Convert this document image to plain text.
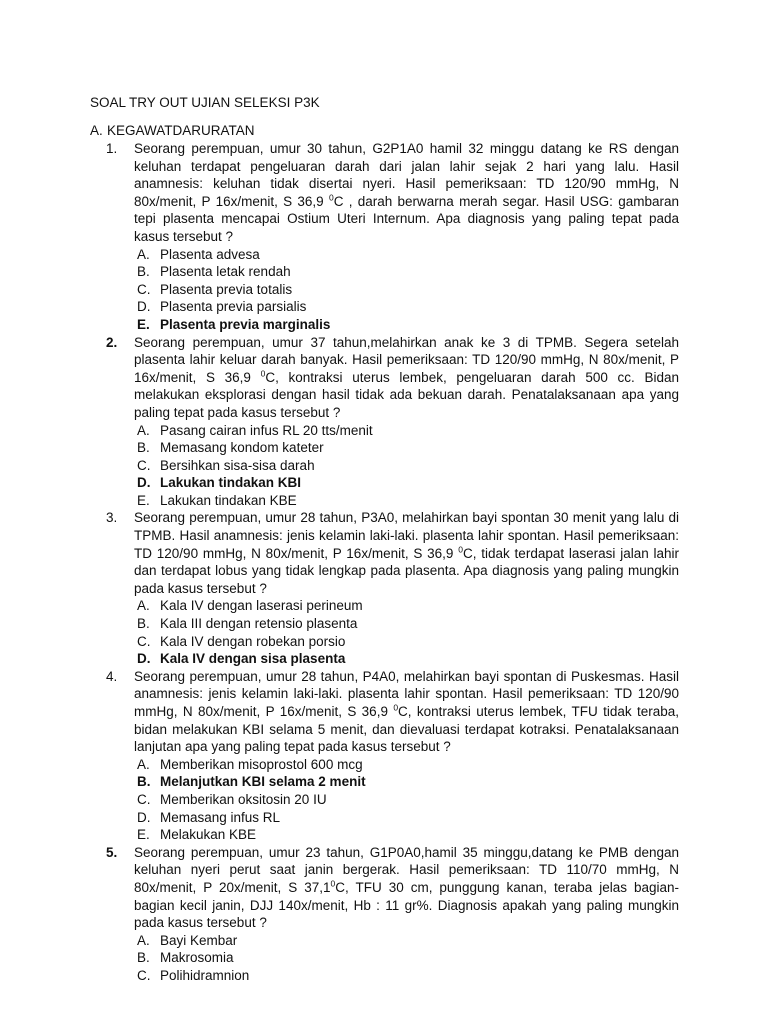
SOAL TRY OUT UJIAN SELEKSI P3K
A. KEGAWATDARURATAN
1. Seorang perempuan, umur 30 tahun, G2P1A0 hamil 32 minggu datang ke RS dengan keluhan terdapat pengeluaran darah dari jalan lahir sejak 2 hari yang lalu. Hasil anamnesis: keluhan tidak disertai nyeri. Hasil pemeriksaan: TD 120/90 mmHg, N 80x/menit, P 16x/menit, S 36,9 $^0$C , darah berwarna merah segar. Hasil USG: gambaran tepi plasenta mencapai Ostium Uteri Internum. Apa diagnosis yang paling tepat pada kasus tersebut ?
A. Plasenta advesa
B. Plasenta letak rendah
C. Plasenta previa totalis
D. Plasenta previa parsialis
E. Plasenta previa marginalis
2. Seorang perempuan, umur 37 tahun,melahirkan anak ke 3 di TPMB. Segera setelah plasenta lahir keluar darah banyak. Hasil pemeriksaan: TD 120/90 mmHg, N 80x/menit, P 16x/menit, S 36,9 $^0$C, kontraksi uterus lembek, pengeluaran darah 500 cc. Bidan melakukan eksplorasi dengan hasil tidak ada bekuan darah. Penatalaksanaan apa yang paling tepat pada kasus tersebut ?
A. Pasang cairan infus RL 20 tts/menit
B. Memasang kondom kateter
C. Bersihkan sisa-sisa darah
D. Lakukan tindakan KBI
E. Lakukan tindakan KBE
3. Seorang perempuan, umur 28 tahun, P3A0, melahirkan bayi spontan 30 menit yang lalu di TPMB. Hasil anamnesis: jenis kelamin laki-laki. plasenta lahir spontan. Hasil pemeriksaan: TD 120/90 mmHg, N 80x/menit, P 16x/menit, S 36,9 $^0$C, tidak terdapat laserasi jalan lahir dan terdapat lobus yang tidak lengkap pada plasenta. Apa diagnosis yang paling mungkin pada kasus tersebut ?
A. Kala IV dengan laserasi perineum
B. Kala III dengan retensio plasenta
C. Kala IV dengan robekan porsio
D. Kala IV dengan sisa plasenta
4. Seorang perempuan, umur 28 tahun, P4A0, melahirkan bayi spontan di Puskesmas. Hasil anamnesis: jenis kelamin laki-laki. plasenta lahir spontan. Hasil pemeriksaan: TD 120/90 mmHg, N 80x/menit, P 16x/menit, S 36,9 $^0$C, kontraksi uterus lembek, TFU tidak teraba, bidan melakukan KBI selama 5 menit, dan dievaluasi terdapat kotraksi. Penatalaksanaan lanjutan apa yang paling tepat pada kasus tersebut ?
A. Memberikan misoprostol 600 mcg
B. Melanjutkan KBI selama 2 menit
C. Memberikan oksitosin 20 IU
D. Memasang infus RL
E. Melakukan KBE
5. Seorang perempuan, umur 23 tahun, G1P0A0,hamil 35 minggu,datang ke PMB dengan keluhan nyeri perut saat janin bergerak. Hasil pemeriksaan: TD 110/70 mmHg, N 80x/menit, P 20x/menit, S 37,1$^0$C, TFU 30 cm, punggung kanan, teraba jelas bagian-bagian kecil janin, DJJ 140x/menit, Hb : 11 gr%. Diagnosis apakah yang paling mungkin pada kasus tersebut ?
A. Bayi Kembar
B. Makrosomia
C. Polihidramnion
